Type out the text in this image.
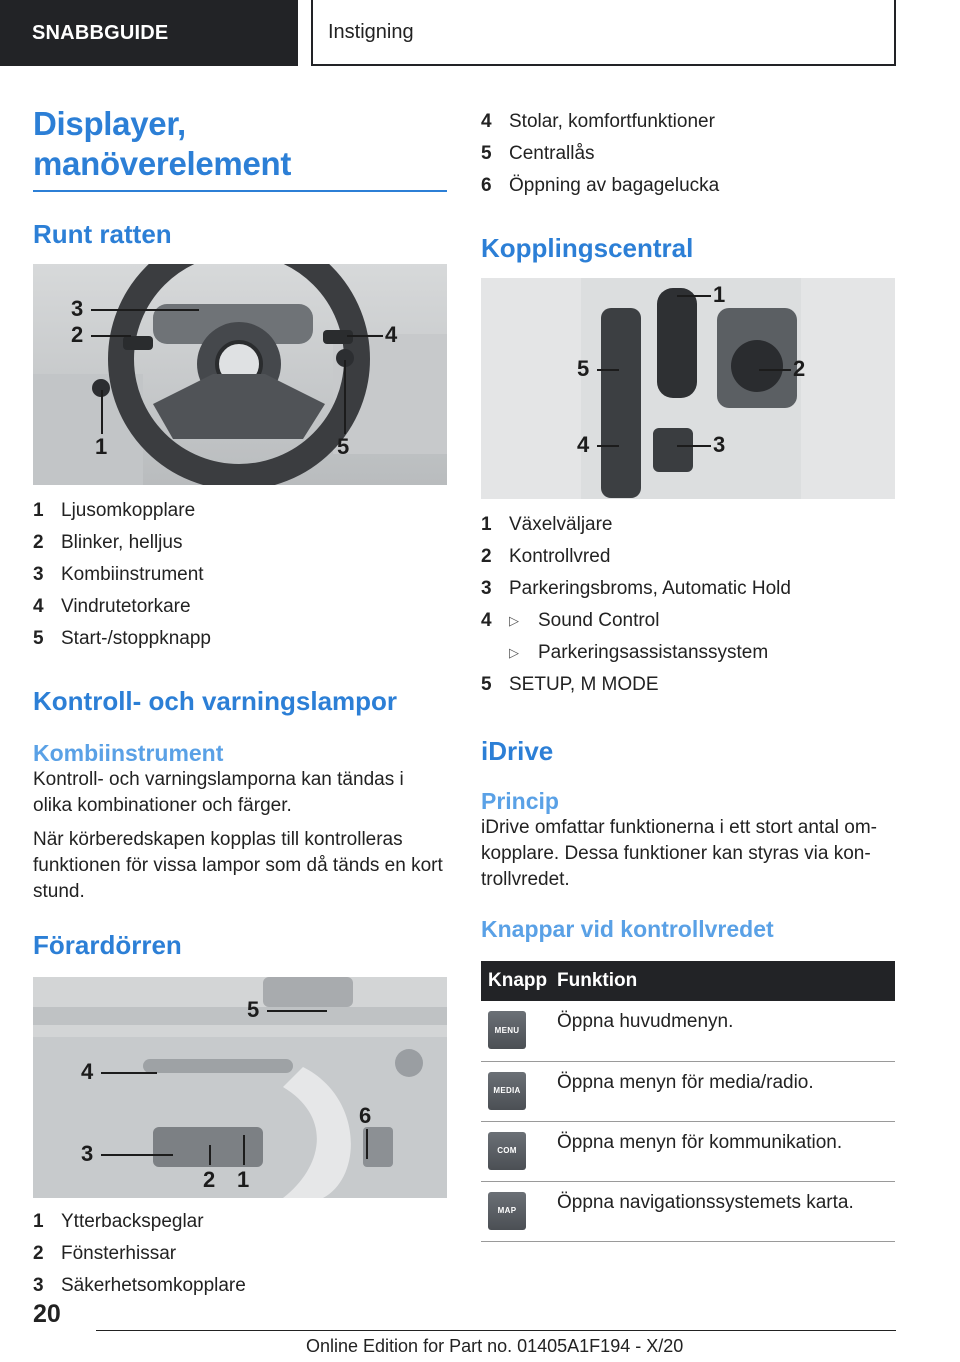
SNABBGUIDE	Instigning
Displayer, manöverelement
Runt ratten
3
2	4
1	5
1 Ljusomkopplare
2 Blinker, helljus
3 Kombiinstrument
4 Vindrutetorkare
5 Start-/stoppknapp
Kontroll- och varningslampor
Kombiinstrument

Kontroll- och varningslamporna kan tändas i olika kombinationer och färger.

När körberedskapen kopplas till kontrolleras funktionen för vissa lampor som då tänds en kort stund.

Förardörren
5
4
6
3
2 1
1 Ytterbackspeglar
2 Fönsterhissar
3 Säkerhetsomkopplare
4 Stolar, komfortfunktioner
5 Centrallås
6 Öppning av bagagelucka
Kopplingscentral
1
5	2
4	3
1 Växelväljare
2 Kontrollvred
3 Parkeringsbroms, Automatic Hold
4	▷	Sound Control
▷	Parkeringsassistanssystem
5 SETUP, M MODE
iDrive
Princip

iDrive omfattar funktionerna i ett stort antal omkopplare. Dessa funktioner kan styras via kontrollvredet.

Knappar vid kontrollvredet
Knapp	Funktion

MENU	Öppna huvudmenyn.

MEDIA	Öppna menyn för media/radio.

COM	Öppna menyn för kommunikation.

MAP	Öppna navigationssystemets karta.
20
Online Edition for Part no. 01405A1F194 - X/20
